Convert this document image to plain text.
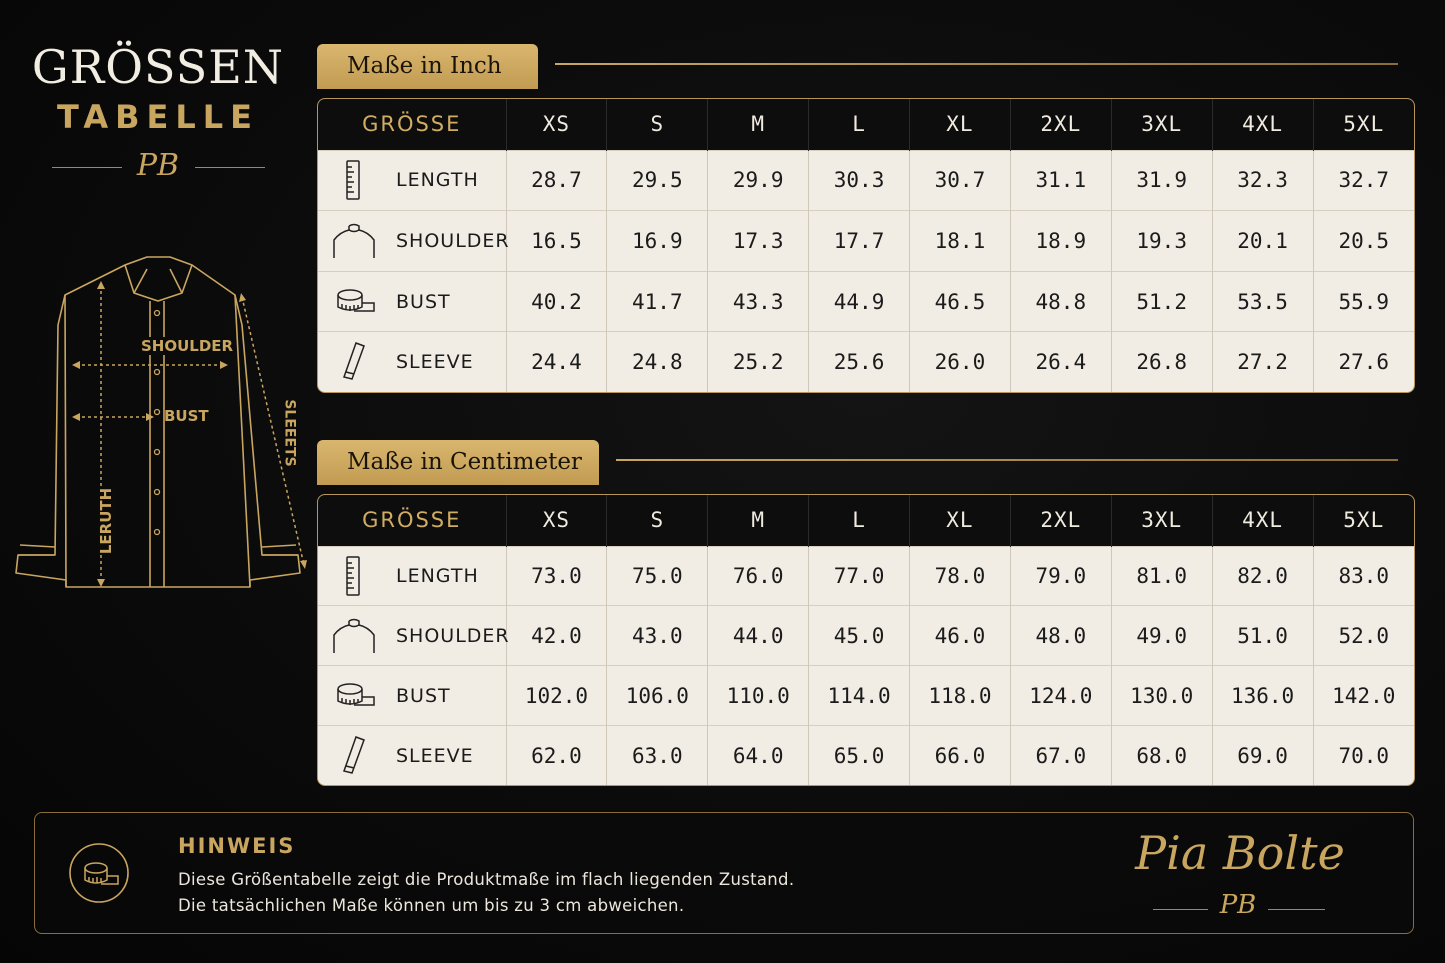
GRÖSSEN
TABELLE
PB
SHOULDER
BUST
LERUTH
SLEEETS
Maße in Inch
GRÖSSE	XS	S	M	L	XL	2XL	3XL	4XL	5XL
LENGTH	28.7	29.5	29.9	30.3	30.7	31.1	31.9	32.3	32.7
SHOULDER	16.5	16.9	17.3	17.7	18.1	18.9	19.3	20.1	20.5
BUST	40.2	41.7	43.3	44.9	46.5	48.8	51.2	53.5	55.9
SLEEVE	24.4	24.8	25.2	25.6	26.0	26.4	26.8	27.2	27.6
Maße in Centimeter
GRÖSSE	XS	S	M	L	XL	2XL	3XL	4XL	5XL
LENGTH	73.0	75.0	76.0	77.0	78.0	79.0	81.0	82.0	83.0
SHOULDER	42.0	43.0	44.0	45.0	46.0	48.0	49.0	51.0	52.0
BUST	102.0	106.0	110.0	114.0	118.0	124.0	130.0	136.0	142.0
SLEEVE	62.0	63.0	64.0	65.0	66.0	67.0	68.0	69.0	70.0
HINWEIS
Diese Größentabelle zeigt die Produktmaße im flach liegenden Zustand.
Die tatsächlichen Maße können um bis zu 3 cm abweichen.
Pia Bolte
PB
